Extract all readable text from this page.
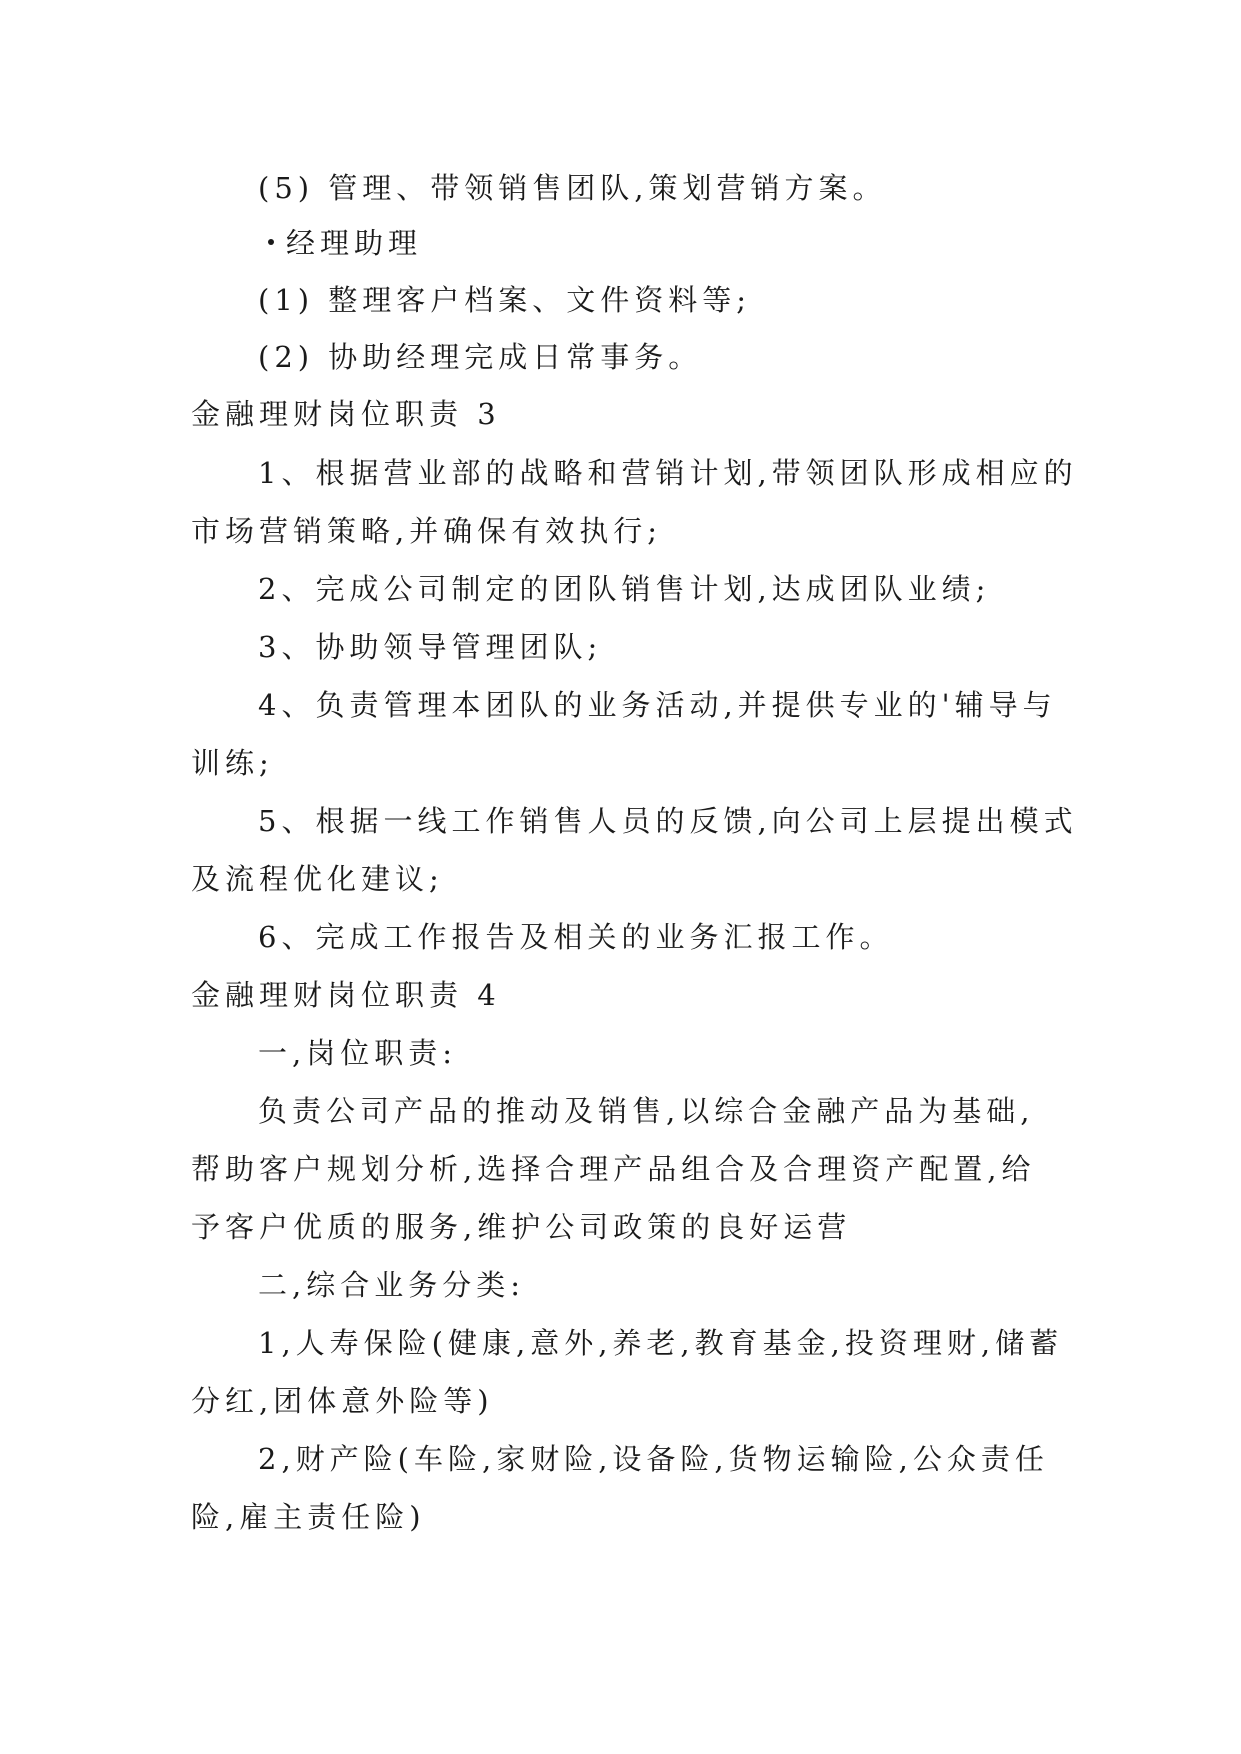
(5) 管理、带领销售团队,策划营销方案。
经理助理
(1) 整理客户档案、文件资料等;
(2) 协助经理完成日常事务。
金融理财岗位职责 3
1、根据营业部的战略和营销计划,带领团队形成相应的
市场营销策略,并确保有效执行;
2、完成公司制定的团队销售计划,达成团队业绩;
3、协助领导管理团队;
4、负责管理本团队的业务活动,并提供专业的'辅导与
训练;
5、根据一线工作销售人员的反馈,向公司上层提出模式
及流程优化建议;
6、完成工作报告及相关的业务汇报工作。
金融理财岗位职责 4
一,岗位职责:
负责公司产品的推动及销售,以综合金融产品为基础,
帮助客户规划分析,选择合理产品组合及合理资产配置,给
予客户优质的服务,维护公司政策的良好运营
二,综合业务分类:
1,人寿保险(健康,意外,养老,教育基金,投资理财,储蓄
分红,团体意外险等)
2,财产险(车险,家财险,设备险,货物运输险,公众责任
险,雇主责任险)
